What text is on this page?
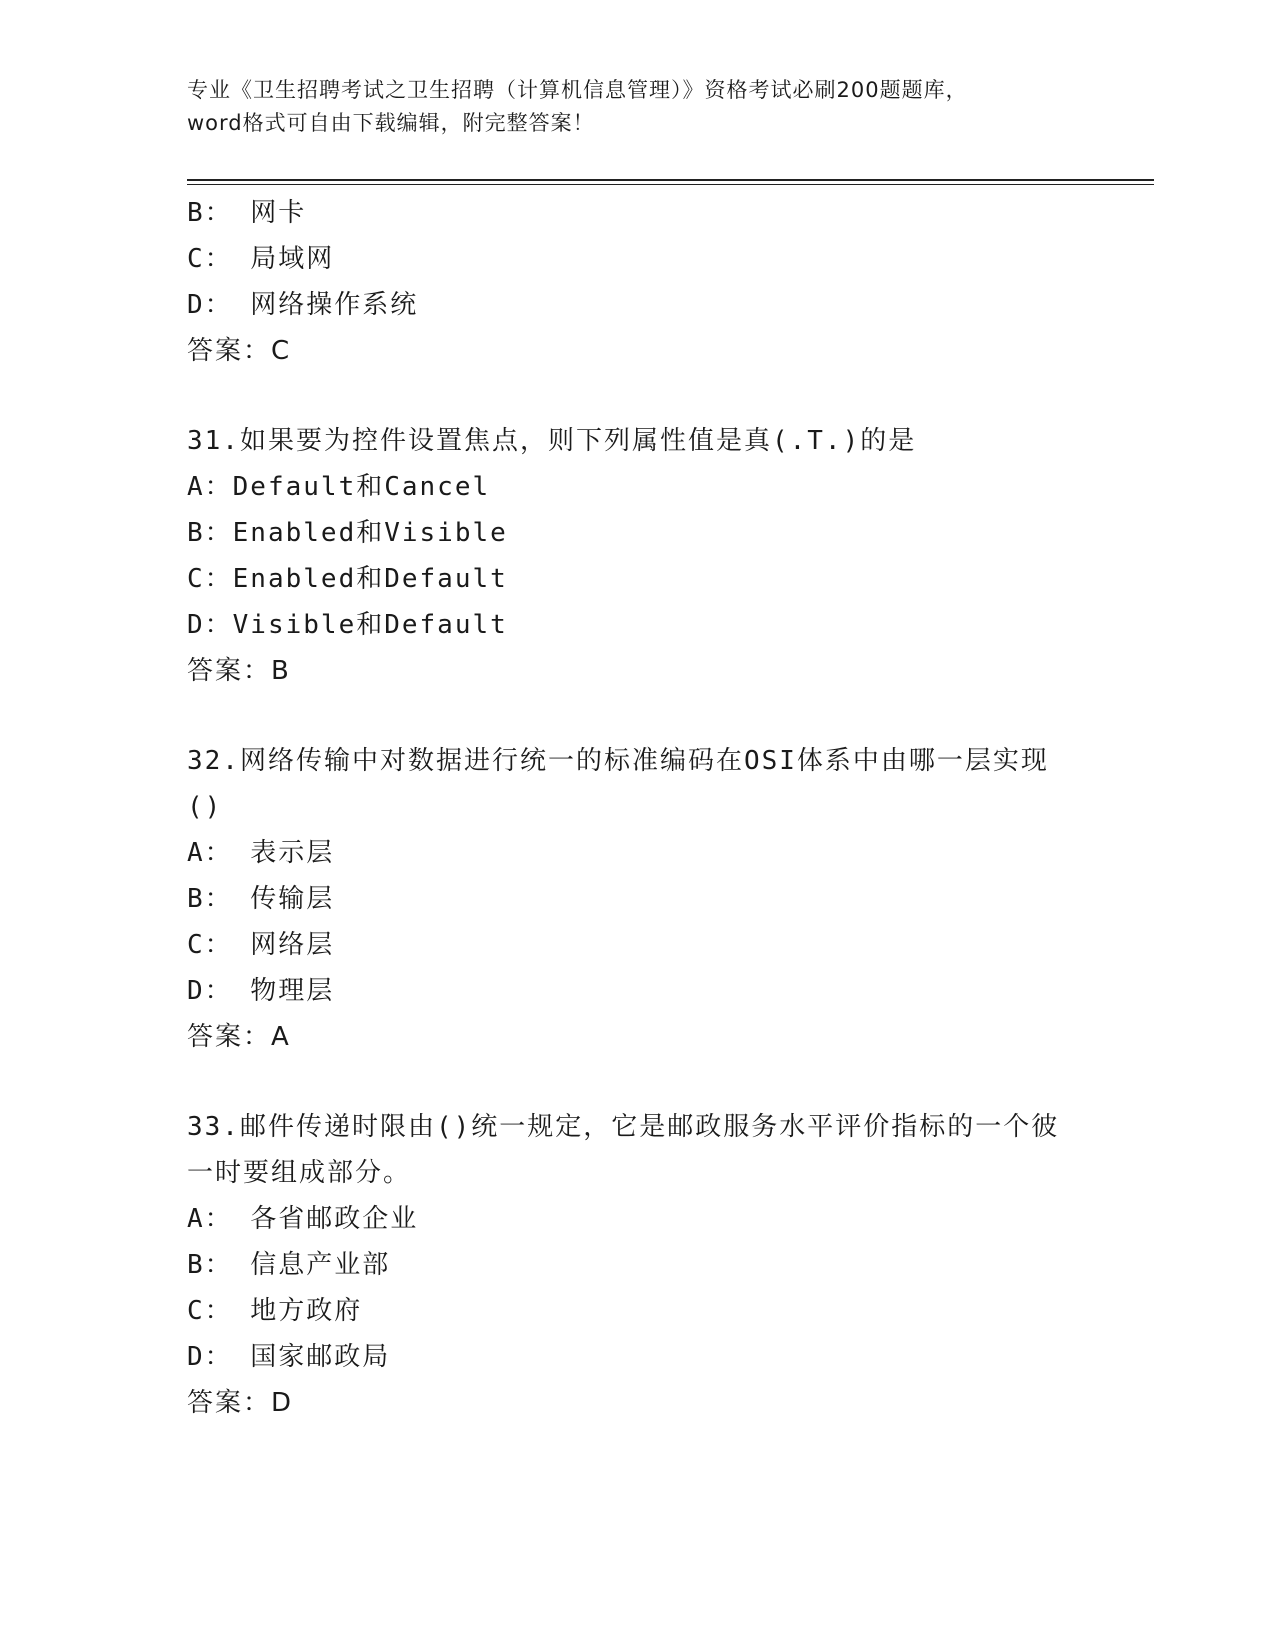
专业《卫生招聘考试之卫生招聘（计算机信息管理）》资格考试必刷200题题库，
word格式可自由下载编辑，附完整答案！
B： 网卡
C： 局域网
D： 网络操作系统
答案：C
31.如果要为控件设置焦点，则下列属性值是真(.T.)的是
A：Default和Cancel
B：Enabled和Visible
C：Enabled和Default
D：Visible和Default
答案：B
32.网络传输中对数据进行统一的标准编码在OSI体系中由哪一层实现
()
A： 表示层
B： 传输层
C： 网络层
D： 物理层
答案：A
33.邮件传递时限由()统一规定，它是邮政服务水平评价指标的一个彼
一时要组成部分。
A： 各省邮政企业
B： 信息产业部
C： 地方政府
D： 国家邮政局
答案：D
